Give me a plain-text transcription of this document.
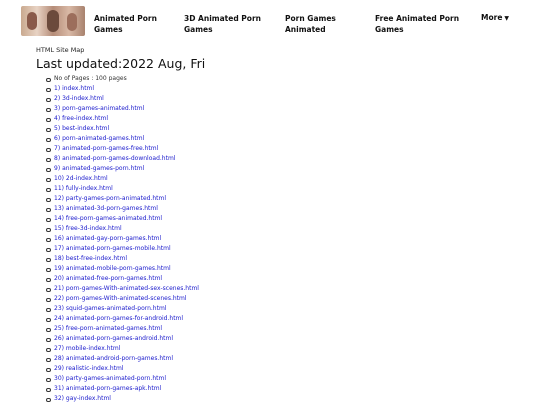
Animated Porn Games
3D Animated Porn Games
Porn Games Animated
Free Animated Porn Games
More ▼
HTML Site Map
Last updated:2022 Aug, Fri
No of Pages : 100 pages
1) index.html
2) 3d-index.html
3) porn-games-animated.html
4) free-index.html
5) best-index.html
6) porn-animated-games.html
7) animated-porn-games-free.html
8) animated-porn-games-download.html
9) animated-games-porn.html
10) 2d-index.html
11) fully-index.html
12) party-games-porn-animated.html
13) animated-3d-porn-games.html
14) free-porn-games-animated.html
15) free-3d-index.html
16) animated-gay-porn-games.html
17) animated-porn-games-mobile.html
18) best-free-index.html
19) animated-mobile-porn-games.html
20) animated-free-porn-games.html
21) porn-games-With-animated-sex-scenes.html
22) porn-games-With-animated-scenes.html
23) squid-games-animated-porn.html
24) animated-porn-games-for-android.html
25) free-porn-animated-games.html
26) animated-porn-games-android.html
27) mobile-index.html
28) animated-android-porn-games.html
29) realistic-index.html
30) party-games-animated-porn.html
31) animated-porn-games-apk.html
32) gay-index.html
